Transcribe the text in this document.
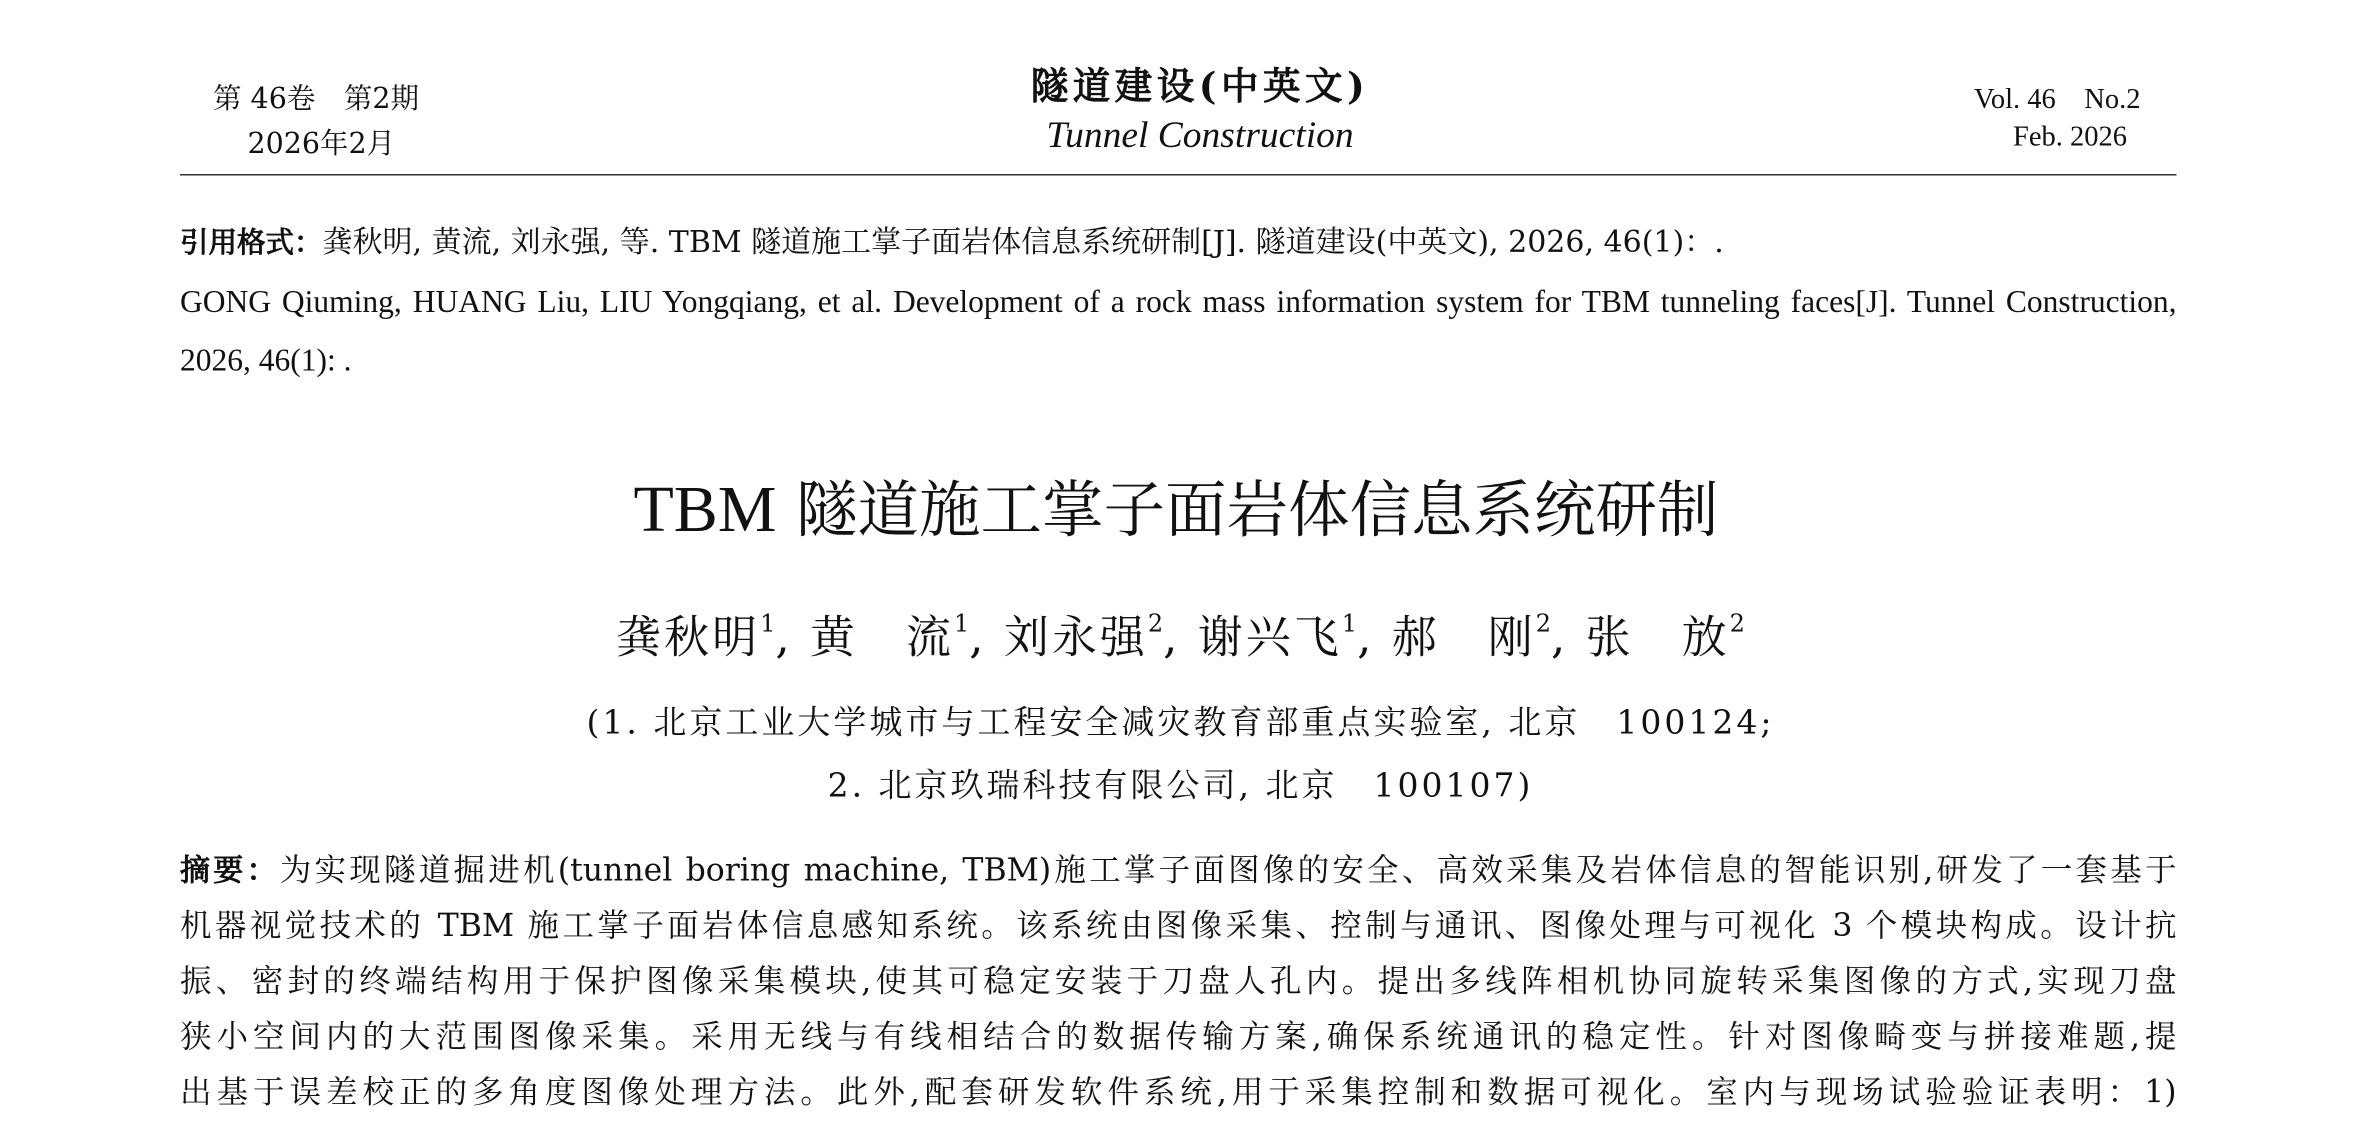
第 46卷　第2期
2026年2月
隧道建设(中英文)
Tunnel Construction
Vol. 46　No.2
Feb. 2026
引用格式：龚秋明, 黄流, 刘永强, 等. TBM 隧道施工掌子面岩体信息系统研制[J]. 隧道建设(中英文), 2026, 46(1)：.
GONG Qiuming, HUANG Liu, LIU Yongqiang, et al. Development of a rock mass information system for TBM tunneling faces[J]. Tunnel Construction, 2026, 46(1): .
TBM 隧道施工掌子面岩体信息系统研制
龚秋明$^1$, 黄　流$^1$, 刘永强$^2$, 谢兴飞$^1$, 郝　刚$^2$, 张　放$^2$
(1. 北京工业大学城市与工程安全减灾教育部重点实验室, 北京　100124;
2. 北京玖瑞科技有限公司, 北京　100107)
摘要：为实现隧道掘进机(tunnel boring machine, TBM)施工掌子面图像的安全、高效采集及岩体信息的智能识别,研发了一套基于
机器视觉技术的 TBM 施工掌子面岩体信息感知系统。该系统由图像采集、控制与通讯、图像处理与可视化 3 个模块构成。设计抗
振、密封的终端结构用于保护图像采集模块,使其可稳定安装于刀盘人孔内。提出多线阵相机协同旋转采集图像的方式,实现刀盘
狭小空间内的大范围图像采集。采用无线与有线相结合的数据传输方案,确保系统通讯的稳定性。针对图像畸变与拼接难题,提
出基于误差校正的多角度图像处理方法。此外,配套研发软件系统,用于采集控制和数据可视化。室内与现场试验验证表明：1)
